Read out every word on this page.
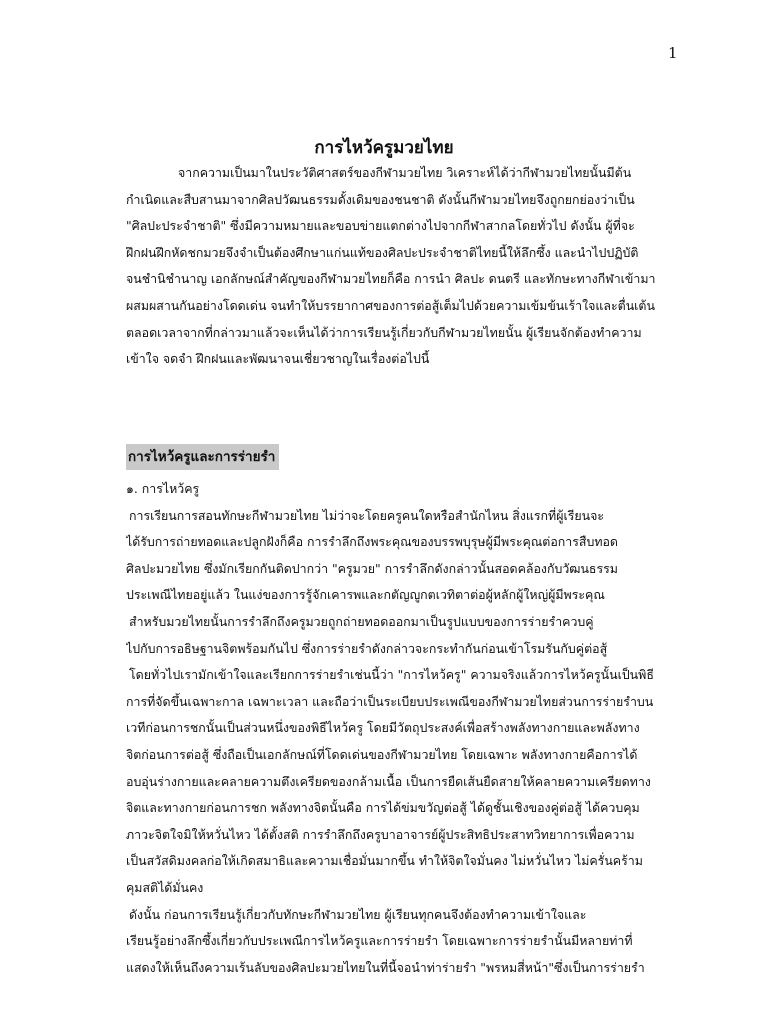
1
การไหว้ครูมวยไทย
จากความเป็นมาในประวัติศาสตร์ของกีฬามวยไทย วิเคราะห์ได้ว่ากีฬามวยไทยนั้นมีต้น
กำเนิดและสืบสานมาจากศิลปวัฒนธรรมดั้งเดิมของชนชาติ ดังนั้นกีฬามวยไทยจึงถูกยกย่องว่าเป็น
"ศิลปะประจำชาติ" ซึ่งมีความหมายและขอบข่ายแตกต่างไปจากกีฬาสากลโดยทั่วไป ดังนั้น ผู้ที่จะ
ฝึกฝนฝึกหัดชกมวยจึงจำเป็นต้องศึกษาแก่นแท้ของศิลปะประจำชาติไทยนี้ให้ลึกซึ้ง และนำไปปฏิบัติ
จนชำนิชำนาญ เอกลักษณ์สำคัญของกีฬามวยไทยก็คือ การนำ ศิลปะ ดนตรี และทักษะทางกีฬาเข้ามา
ผสมผสานกันอย่างโดดเด่น จนทำให้บรรยากาศของการต่อสู้เต็มไปด้วยความเข้มข้นเร้าใจและตื่นเต้น
ตลอดเวลาจากที่กล่าวมาแล้วจะเห็นได้ว่าการเรียนรู้เกี่ยวกับกีฬามวยไทยนั้น ผู้เรียนจักต้องทำความ
เข้าใจ จดจำ ฝึกฝนและพัฒนาจนเชี่ยวชาญในเรื่องต่อไปนี้
การไหว้ครูและการร่ายรำ
๑. การไหว้ครู
การเรียนการสอนทักษะกีฬามวยไทย ไม่ว่าจะโดยครูคนใดหรือสำนักไหน สิ่งแรกที่ผู้เรียนจะ
ได้รับการถ่ายทอดและปลูกฝังก็คือ การรำลึกถึงพระคุณของบรรพบุรุษผู้มีพระคุณต่อการสืบทอด
ศิลปะมวยไทย ซึ่งมักเรียกกันติดปากว่า "ครูมวย" การรำลึกดังกล่าวนั้นสอดคล้องกับวัฒนธรรม
ประเพณีไทยอยู่แล้ว ในแง่ของการรู้จักเคารพและกตัญญูกตเวทิตาต่อผู้หลักผู้ใหญ่ผู้มีพระคุณ
สำหรับมวยไทยนั้นการรำลึกถึงครูมวยถูกถ่ายทอดออกมาเป็นรูปแบบของการร่ายรำควบคู่
ไปกับการอธิษฐานจิตพร้อมกันไป ซึ่งการร่ายรำดังกล่าวจะกระทำกันก่อนเข้าโรมรันกับคู่ต่อสู้
โดยทั่วไปเรามักเข้าใจและเรียกการร่ายรำเช่นนี้ว่า "การไหว้ครู" ความจริงแล้วการไหว้ครูนั้นเป็นพิธี
การที่จัดขึ้นเฉพาะกาล เฉพาะเวลา และถือว่าเป็นระเบียบประเพณีของกีฬามวยไทยส่วนการร่ายรำบน
เวทีก่อนการชกนั้นเป็นส่วนหนึ่งของพิธีไหว้ครู โดยมีวัตถุประสงค์เพื่อสร้างพลังทางกายและพลังทาง
จิตก่อนการต่อสู้ ซึ่งถือเป็นเอกลักษณ์ที่โดดเด่นของกีฬามวยไทย โดยเฉพาะ พลังทางกายคือการได้
อบอุ่นร่างกายและคลายความตึงเครียดของกล้ามเนื้อ เป็นการยืดเส้นยืดสายให้คลายความเครียดทาง
จิตและทางกายก่อนการชก พลังทางจิตนั้นคือ การได้ข่มขวัญต่อสู้ ได้ดูชั้นเชิงของคู่ต่อสู้ ได้ควบคุม
ภาวะจิตใจมิให้หวั่นไหว ได้ตั้งสติ การรำลึกถึงครูบาอาจารย์ผู้ประสิทธิประสาทวิทยาการเพื่อความ
เป็นสวัสดิมงคลก่อให้เกิดสมาธิและความเชื่อมั่นมากขึ้น ทำให้จิตใจมั่นคง ไม่หวั่นไหว ไม่ครั่นคร้าม
คุมสติได้มั่นคง
ดังนั้น ก่อนการเรียนรู้เกี่ยวกับทักษะกีฬามวยไทย ผู้เรียนทุกคนจึงต้องทำความเข้าใจและ
เรียนรู้อย่างลึกซึ้งเกี่ยวกับประเพณีการไหว้ครูและการร่ายรำ โดยเฉพาะการร่ายรำนั้นมีหลายท่าที่
แสดงให้เห็นถึงความเร้นลับของศิลปะมวยไทยในที่นี้จอนำท่าร่ายรำ "พรหมสี่หน้า"ซึ่งเป็นการร่ายรำ
